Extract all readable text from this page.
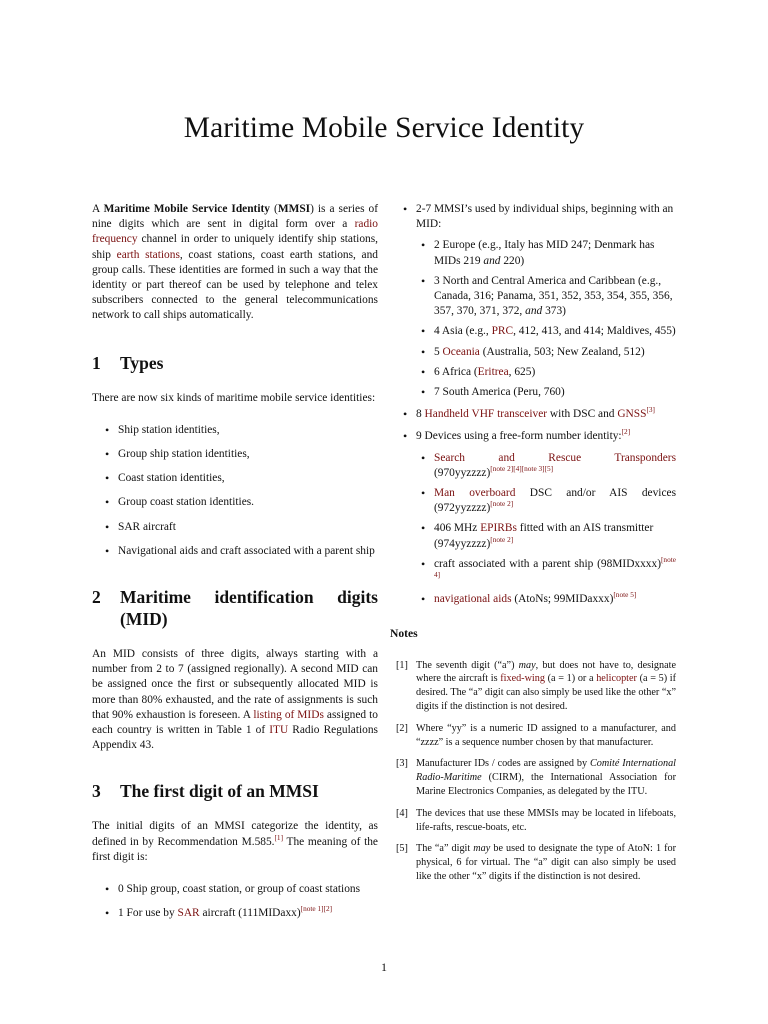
Maritime Mobile Service Identity

A Maritime Mobile Service Identity (MMSI) is a series of nine digits which are sent in digital form over a radio frequency channel in order to uniquely identify ship stations, ship earth stations, coast stations, coast earth stations, and group calls. These identities are formed in such a way that the identity or part thereof can be used by telephone and telex subscribers connected to the general telecommunications network to call ships automatically.

1	Types

There are now six kinds of maritime mobile service identities:

• Ship station identities,
• Group ship station identities,
• Coast station identities,
• Group coast station identities.
• SAR aircraft
• Navigational aids and craft associated with a parent ship
2	Maritime identification digits (MID)

An MID consists of three digits, always starting with a number from 2 to 7 (assigned regionally). A second MID can be assigned once the first or subsequently allocated MID is more than 80% exhausted, and the rate of assignments is such that 90% exhaustion is foreseen. A listing of MIDs assigned to each country is written in Table 1 of ITU Radio Regulations Appendix 43.

3	The first digit of an MMSI

The initial digits of an MMSI categorize the identity, as defined in by Recommendation M.585.[1] The meaning of the first digit is:

• 0 Ship group, coast station, or group of coast stations
• 1 For use by SAR aircraft (111MIDaxx)[note 1][2]
• 2-7 MMSI’s used by individual ships, beginning with an MID:
• 2 Europe (e.g., Italy has MID 247; Denmark has MIDs 219 and 220)
• 3 North and Central America and Caribbean (e.g., Canada, 316; Panama, 351, 352, 353, 354, 355, 356, 357, 370, 371, 372, and 373)
• 4 Asia (e.g., PRC, 412, 413, and 414; Maldives, 455)
• 5 Oceania (Australia, 503; New Zealand, 512)
• 6 Africa (Eritrea, 625)
• 7 South America (Peru, 760)
• 8 Handheld VHF transceiver with DSC and GNSS[3]
• 9 Devices using a free-form number identity:[2]
• Search and Rescue Transponders
(970yyzzzz)[note 2][4][note 3][5]
• Man overboard DSC and/or AIS devices (972yyzzzz)[note 2]
• 406 MHz EPIRBs fitted with an AIS transmitter (974yyzzzz)[note 2]
• craft associated with a parent ship (98MIDxxxx)[note 4]
• navigational aids (AtoNs; 99MIDaxxx)[note 5]
Notes
[1] The seventh digit (“a”) may, but does not have to, designate where the aircraft is fixed-wing (a = 1) or a helicopter (a = 5) if desired. The “a” digit can also simply be used like the other “x” digits if the distinction is not desired.
[2] Where “yy” is a numeric ID assigned to a manufacturer, and “zzzz” is a sequence number chosen by that manufacturer.
[3] Manufacturer IDs / codes are assigned by Comité International Radio-Maritime (CIRM), the International Association for Marine Electronics Companies, as delegated by the ITU.
[4] The devices that use these MMSIs may be located in lifeboats, life-rafts, rescue-boats, etc.
[5] The “a” digit may be used to designate the type of AtoN: 1 for physical, 6 for virtual. The “a” digit can also simply be used like the other “x” digits if the distinction is not desired.
1
